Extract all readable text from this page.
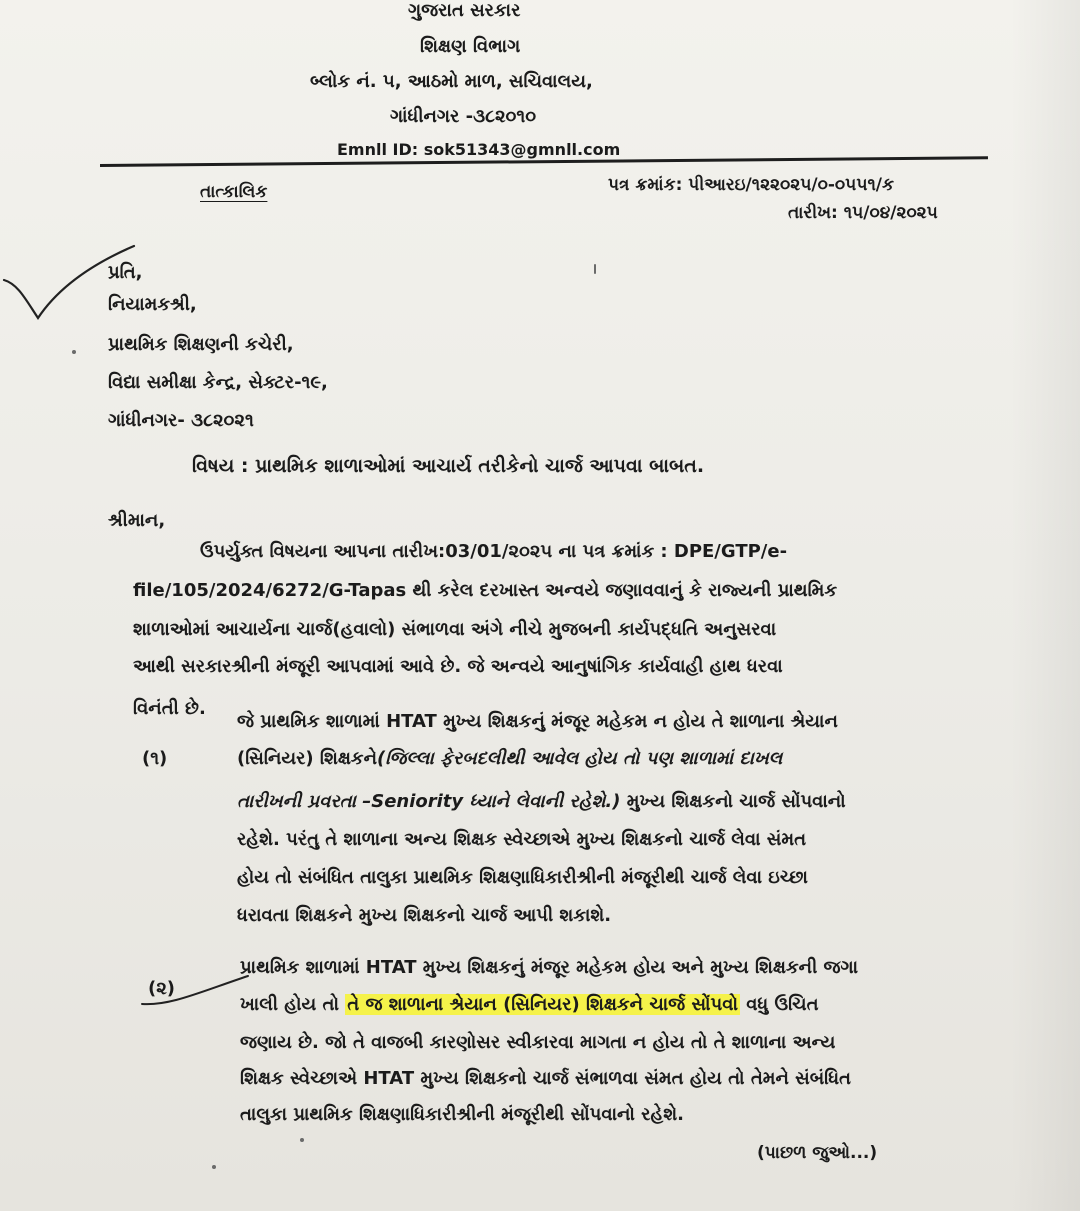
ગુજરાત સરકાર
શિક્ષણ વિભાગ
બ્લોક નં. ૫, આઠમો માળ, સચિવાલય,
ગાંધીનગર -૩૮૨૦૧૦
Emnll ID: sok51343@gmnll.com
તાત્કાલિક	પત્ર ક્રમાંક: પીઆરઇ/૧૨૨૦૨૫/૦-૦૫૫૧/ક
તારીખ: ૧૫/૦૪/૨૦૨૫
પ્રતિ,
નિયામકશ્રી,
પ્રાથમિક શિક્ષણની કચેરી,
વિદ્યા સમીક્ષા કેન્દ્ર, સેક્ટર-૧૯,
ગાંધીનગર- ૩૮૨૦૨૧
વિષય : પ્રાથમિક શાળાઓમાં આચાર્ય તરીકેનો ચાર્જ આપવા બાબત.
શ્રીમાન,
ઉપર્યુક્ત વિષયના આપના તારીખ:03/01/૨૦૨૫ ના પત્ર ક્રમાંક : DPE/GTP/e-
file/105/2024/6272/G-Tapas થી કરેલ દરખાસ્ત અન્વયે જણાવવાનું કે રાજ્યની પ્રાથમિક
શાળાઓમાં આચાર્યના ચાર્જ(હવાલો) સંભાળવા અંગે નીચે મુજબની કાર્યપદ્ધતિ અનુસરવા
આથી સરકારશ્રીની મંજૂરી આપવામાં આવે છે. જે અન્વયે આનુષાંગિક કાર્યવાહી હાથ ધરવા
વિનંતી છે.
(૧)
જે પ્રાથમિક શાળામાં HTAT મુખ્ય શિક્ષકનું મંજૂર મહેકમ ન હોય તે શાળાના શ્રેયાન
(સિનિયર) શિક્ષકને(જિલ્લા ફેરબદલીથી આવેલ હોય તો પણ શાળામાં દાખલ
તારીખની પ્રવરતા –Seniority ધ્યાને લેવાની રહેશે.) મુખ્ય શિક્ષકનો ચાર્જ સોંપવાનો
રહેશે. પરંતુ તે શાળાના અન્ય શિક્ષક સ્વેચ્છાએ મુખ્ય શિક્ષકનો ચાર્જ લેવા સંમત
હોય તો સંબંધિત તાલુકા પ્રાથમિક શિક્ષણાધિકારીશ્રીની મંજૂરીથી ચાર્જ લેવા ઇચ્છા
ધરાવતા શિક્ષકને મુખ્ય શિક્ષકનો ચાર્જ આપી શકાશે.
(૨)
પ્રાથમિક શાળામાં HTAT મુખ્ય શિક્ષકનું મંજૂર મહેકમ હોય અને મુખ્ય શિક્ષકની જગા
ખાલી હોય તો તે જ શાળાના શ્રેયાન (સિનિયર) શિક્ષકને ચાર્જ સોંપવો વધુ ઉચિત
જણાય છે. જો તે વાજબી કારણોસર સ્વીકારવા માગતા ન હોય તો તે શાળાના અન્ય
શિક્ષક સ્વેચ્છાએ HTAT મુખ્ય શિક્ષકનો ચાર્જ સંભાળવા સંમત હોય તો તેમને સંબંધિત
તાલુકા પ્રાથમિક શિક્ષણાધિકારીશ્રીની મંજૂરીથી સોંપવાનો રહેશે.
(પાછળ જુઓ...)
